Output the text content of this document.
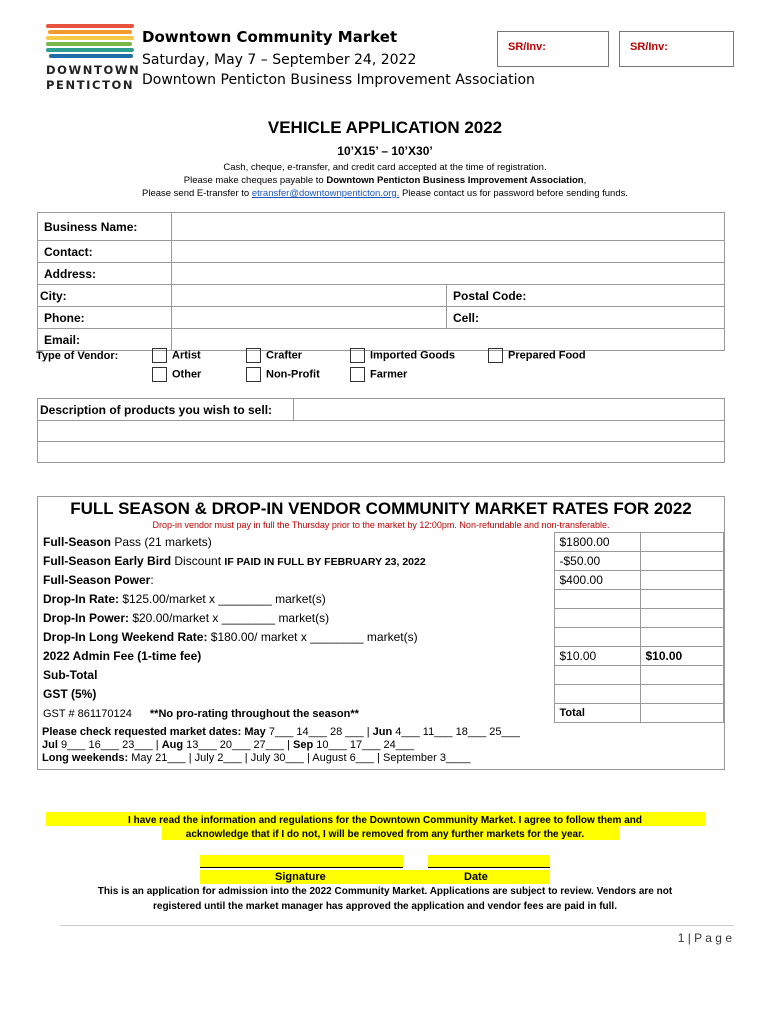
DOWNTOWN
PENTICTON
Downtown Community Market
Saturday, May 7 – September 24, 2022
Downtown Penticton Business Improvement Association
SR/Inv:	SR/Inv:
VEHICLE APPLICATION 2022
10’X15’ – 10’X30’
Cash, cheque, e-transfer, and credit card accepted at the time of registration.
Please make cheques payable to Downtown Penticton Business Improvement Association,
Please send E-transfer to etransfer@downtownpenticton.org. Please contact us for password before sending funds.
Business Name:		
Contact:		
Address:		
City:		Postal Code:
Phone:		Cell:
Email:		
Type of Vendor:	Artist	Crafter	Imported Goods	Prepared Food
Other	Non-Profit	Farmer
Description of products you wish to sell:	

FULL SEASON & DROP-IN VENDOR COMMUNITY MARKET RATES FOR 2022
Drop-in vendor must pay in full the Thursday prior to the market by 12:00pm. Non-refundable and non-transferable.
Full-Season Pass (21 markets)	$1800.00	
Full-Season Early Bird Discount IF PAID IN FULL BY FEBRUARY 23, 2022	-$50.00	
Full-Season Power:	$400.00	
Drop-In Rate: $125.00/market x ________ market(s)		
Drop-In Power: $20.00/market x ________ market(s)		
Drop-In Long Weekend Rate: $180.00/ market x ________ market(s)		
2022 Admin Fee (1-time fee)	$10.00	$10.00
Sub-Total		
GST (5%)		
GST # 861170124 **No pro-rating throughout the season**	Total	
Please check requested market dates: May 7___ 14___ 28 ___ | Jun 4___ 11___ 18___ 25___
Jul 9___ 16___ 23___ | Aug 13___ 20___ 27___ | Sep 10___ 17___ 24___
Long weekends: May 21___ | July 2___ | July 30___ | August 6___ | September 3____
I have read the information and regulations for the Downtown Community Market. I agree to follow them and
acknowledge that if I do not, I will be removed from any further markets for the year.
Signature	Date
This is an application for admission into the 2022 Community Market. Applications are subject to review. Vendors are not
registered until the market manager has approved the application and vendor fees are paid in full.
1 | P a g e
